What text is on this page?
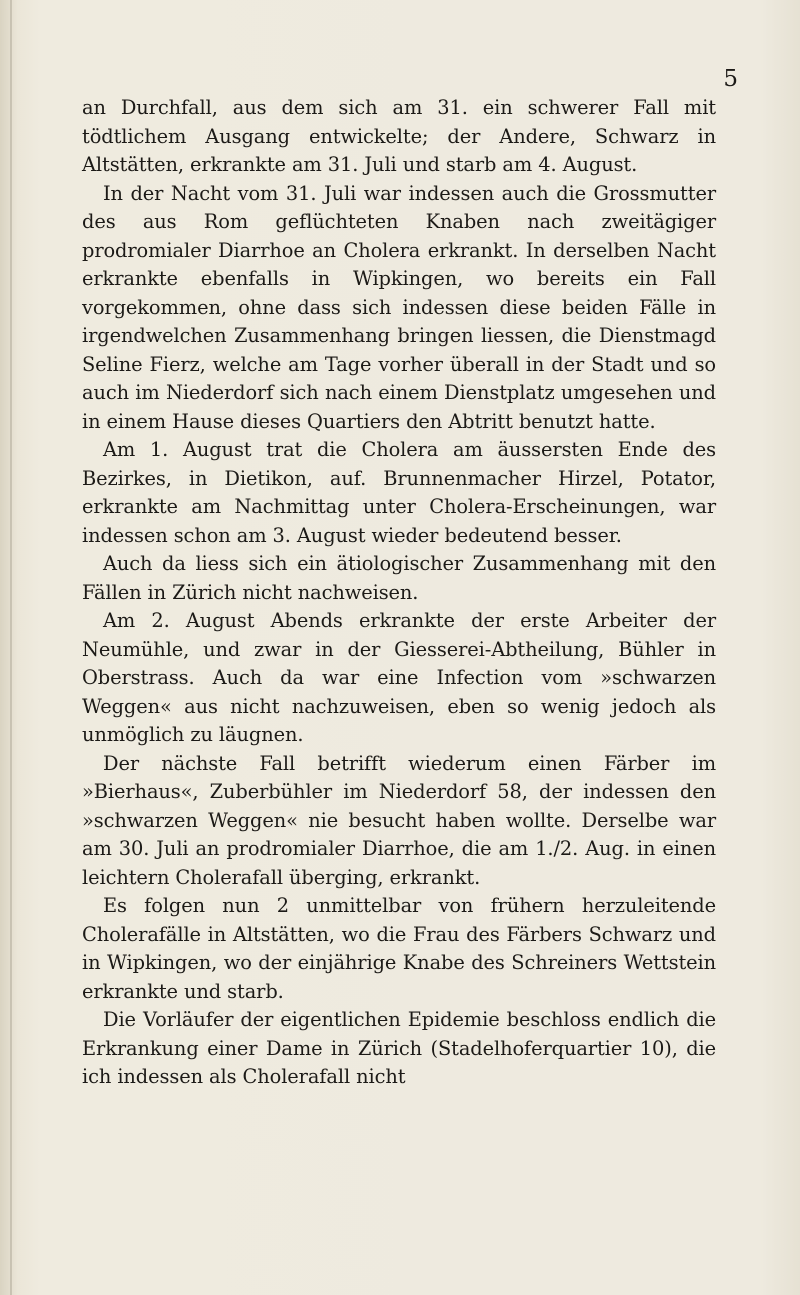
5

an Durchfall, aus dem sich am 31. ein schwerer Fall mit tödtlichem Ausgang entwickelte; der Andere, Schwarz in Altstätten, erkrankte am 31. Juli und starb am 4. August.

In der Nacht vom 31. Juli war indessen auch die Grossmutter des aus Rom geflüchteten Knaben nach zweitägiger prodromialer Diarrhoe an Cholera erkrankt. In derselben Nacht erkrankte ebenfalls in Wipkingen, wo bereits ein Fall vorgekommen, ohne dass sich indessen diese beiden Fälle in irgendwelchen Zusammenhang bringen liessen, die Dienstmagd Seline Fierz, welche am Tage vorher überall in der Stadt und so auch im Niederdorf sich nach einem Dienstplatz umgesehen und in einem Hause dieses Quartiers den Abtritt benutzt hatte.

Am 1. August trat die Cholera am äussersten Ende des Bezirkes, in Dietikon, auf. Brunnenmacher Hirzel, Potator, erkrankte am Nachmittag unter Cholera-Erscheinungen, war indessen schon am 3. August wieder bedeutend besser.

Auch da liess sich ein ätiologischer Zusammenhang mit den Fällen in Zürich nicht nachweisen.

Am 2. August Abends erkrankte der erste Arbeiter der Neumühle, und zwar in der Giesserei-Abtheilung, Bühler in Oberstrass. Auch da war eine Infection vom »schwarzen Weggen« aus nicht nachzuweisen, eben so wenig jedoch als unmöglich zu läugnen.

Der nächste Fall betrifft wiederum einen Färber im »Bierhaus«, Zuberbühler im Niederdorf 58, der indessen den »schwarzen Weggen« nie besucht haben wollte. Derselbe war am 30. Juli an prodromialer Diarrhoe, die am 1./2. Aug. in einen leichtern Cholerafall überging, erkrankt.

Es folgen nun 2 unmittelbar von frühern herzuleitende Cholerafälle in Altstätten, wo die Frau des Färbers Schwarz und in Wipkingen, wo der einjährige Knabe des Schreiners Wettstein erkrankte und starb.

Die Vorläufer der eigentlichen Epidemie beschloss endlich die Erkrankung einer Dame in Zürich (Stadelhoferquartier 10), die ich indessen als Cholerafall nicht
